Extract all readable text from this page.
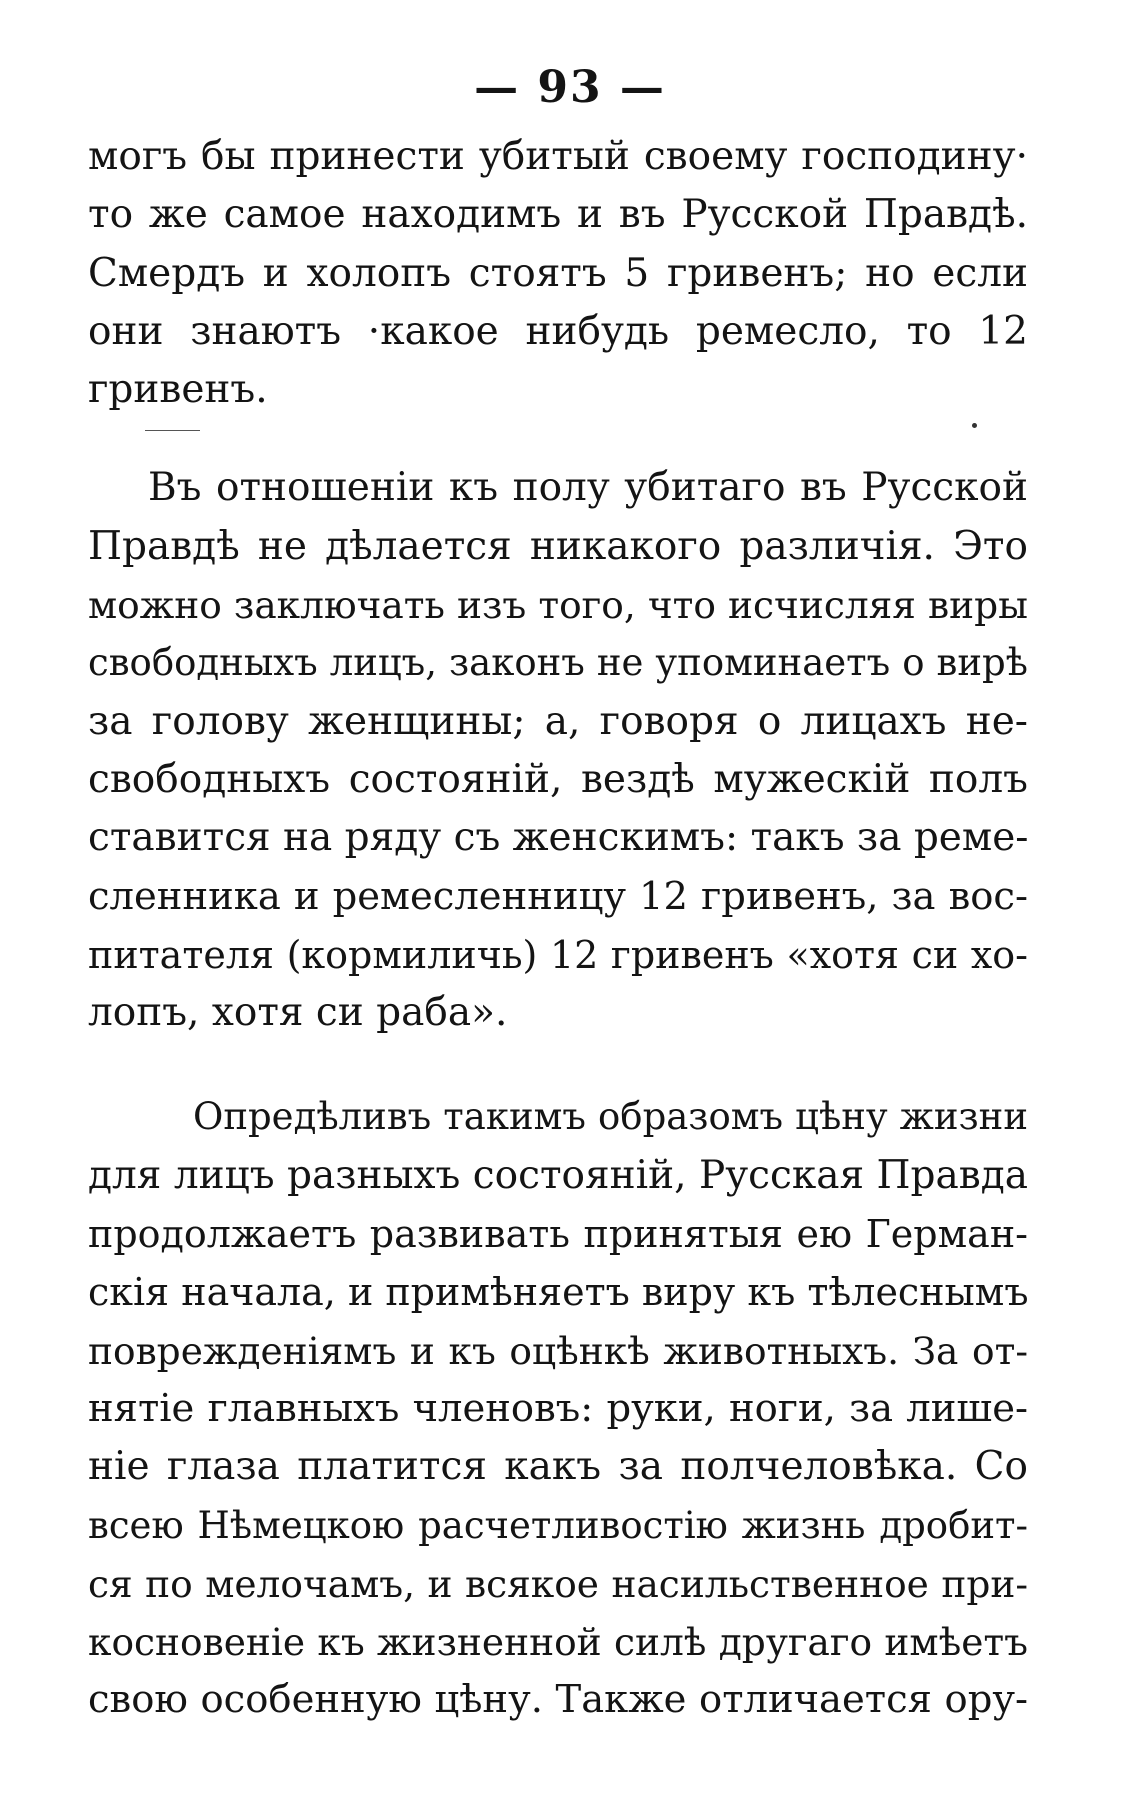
— 93 —
могъ бы принести убитый своему господину·
то же самое находимъ и въ Русской Правдѣ.
Смердъ и холопъ стоятъ 5 гривенъ; но если
они знаютъ ·какое нибудь ремесло, то 12
гривенъ.
Въ отношеніи къ полу убитаго въ Русской
Правдѣ не дѣлается никакого различія. Это
можно заключать изъ того, что исчисляя виры
свободныхъ лицъ, законъ не упоминаетъ о вирѣ
за голову женщины; а, говоря о лицахъ не-
свободныхъ состояній, вездѣ мужескій полъ
ставится на ряду съ женскимъ: такъ за реме-
сленника и ремесленницу 12 гривенъ, за вос-
питателя (кормиличь) 12 гривенъ «хотя си хо-
лопъ, хотя си раба».
Опредѣливъ такимъ образомъ цѣну жизни
для лицъ разныхъ состояній, Русская Правда
продолжаетъ развивать принятыя ею Герман-
скія начала, и примѣняетъ виру къ тѣлеснымъ
поврежденіямъ и къ оцѣнкѣ животныхъ. За от-
нятіе главныхъ членовъ: руки, ноги, за лише-
ніе глаза платится какъ за полчеловѣка. Со
всею Нѣмецкою расчетливостію жизнь дробит-
ся по мелочамъ, и всякое насильственное при-
косновеніе къ жизненной силѣ другаго имѣетъ
свою особенную цѣну. Также отличается ору-
